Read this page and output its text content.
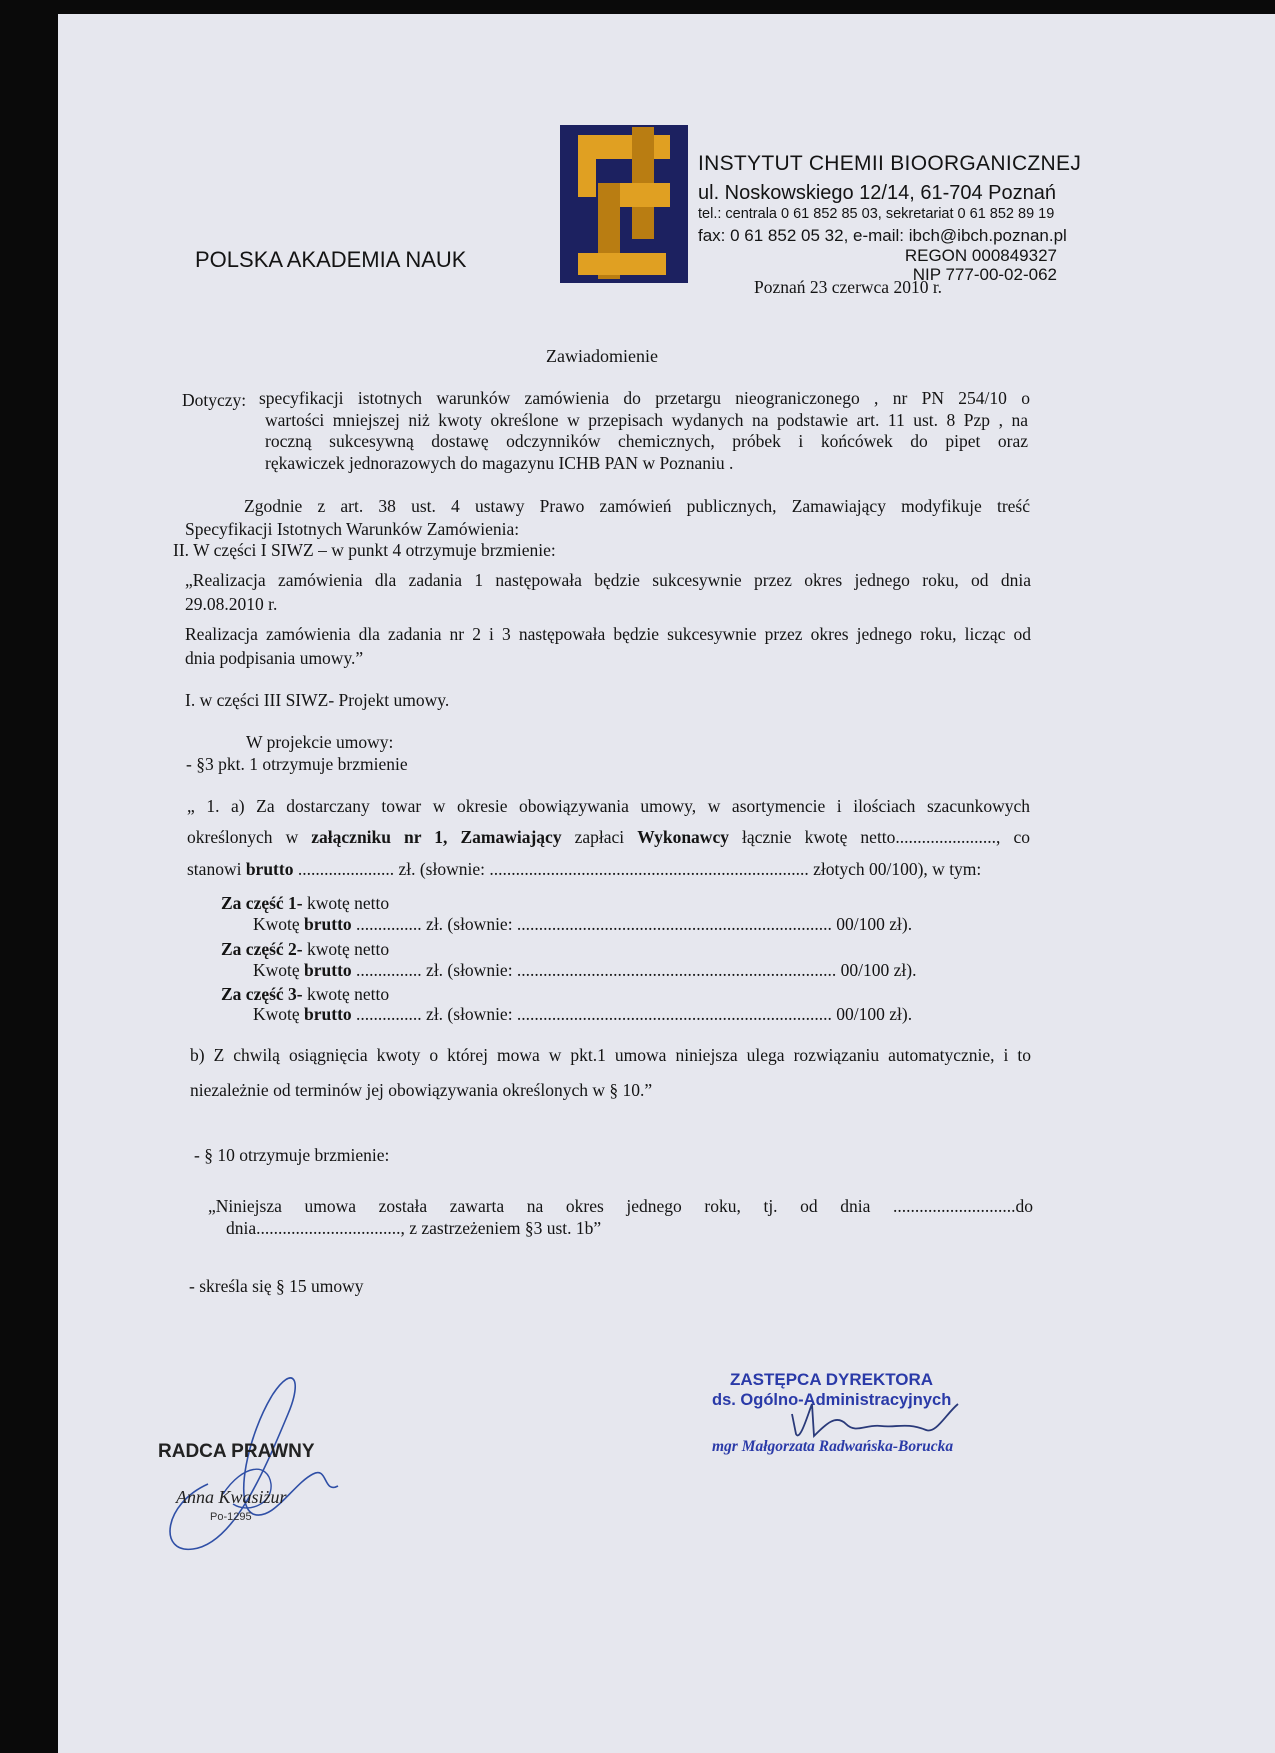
POLSKA AKADEMIA NAUK
INSTYTUT CHEMII BIOORGANICZNEJ
ul. Noskowskiego 12/14, 61-704 Poznań
tel.: centrala 0 61 852 85 03, sekretariat 0 61 852 89 19
fax: 0 61 852 05 32, e-mail: ibch@ibch.poznan.pl
REGON 000849327
NIP 777-00-02-062
Poznań 23 czerwca 2010 r.
Zawiadomienie
Dotyczy: specyfikacji istotnych warunków zamówienia do przetargu nieograniczonego , nr PN 254/10 o
wartości mniejszej niż kwoty określone w przepisach wydanych na podstawie art. 11 ust. 8 Pzp , na
roczną sukcesywną dostawę odczynników chemicznych, próbek i końcówek do pipet oraz
rękawiczek jednorazowych do magazynu ICHB PAN w Poznaniu .
Zgodnie z art. 38 ust. 4 ustawy Prawo zamówień publicznych, Zamawiający modyfikuje treść
Specyfikacji Istotnych Warunków Zamówienia:
II. W części I SIWZ – w punkt 4 otrzymuje brzmienie:
„Realizacja zamówienia dla zadania 1 następowała będzie sukcesywnie przez okres jednego roku, od dnia
29.08.2010 r.
Realizacja zamówienia dla zadania nr 2 i 3 następowała będzie sukcesywnie przez okres jednego roku, licząc od
dnia podpisania umowy.”
I. w części III SIWZ- Projekt umowy.
W projekcie umowy:
- §3 pkt. 1 otrzymuje brzmienie
„ 1. a) Za dostarczany towar w okresie obowiązywania umowy, w asortymencie i ilościach szacunkowych
określonych w załączniku nr 1, Zamawiający zapłaci Wykonawcy łącznie kwotę netto......................., co
stanowi brutto ...................... zł. (słownie: ......................................................................... złotych 00/100), w tym:
Za część 1- kwotę netto
Kwotę brutto ............... zł. (słownie: ........................................................................ 00/100 zł).
Za część 2- kwotę netto
Kwotę brutto ............... zł. (słownie: ......................................................................... 00/100 zł).
Za część 3- kwotę netto
Kwotę brutto ............... zł. (słownie: ........................................................................ 00/100 zł).
b) Z chwilą osiągnięcia kwoty o której mowa w pkt.1 umowa niniejsza ulega rozwiązaniu automatycznie, i to
niezależnie od terminów jej obowiązywania określonych w § 10.”
- § 10 otrzymuje brzmienie:
„Niniejsza umowa została zawarta na okres jednego roku, tj. od dnia ............................do
dnia................................., z zastrzeżeniem §3 ust. 1b”
- skreśla się § 15 umowy
RADCA PRAWNY
Anna Kwasiżur
Po-1295
ZASTĘPCA DYREKTORA
ds. Ogólno-Administracyjnych
mgr Małgorzata Radwańska-Borucka
